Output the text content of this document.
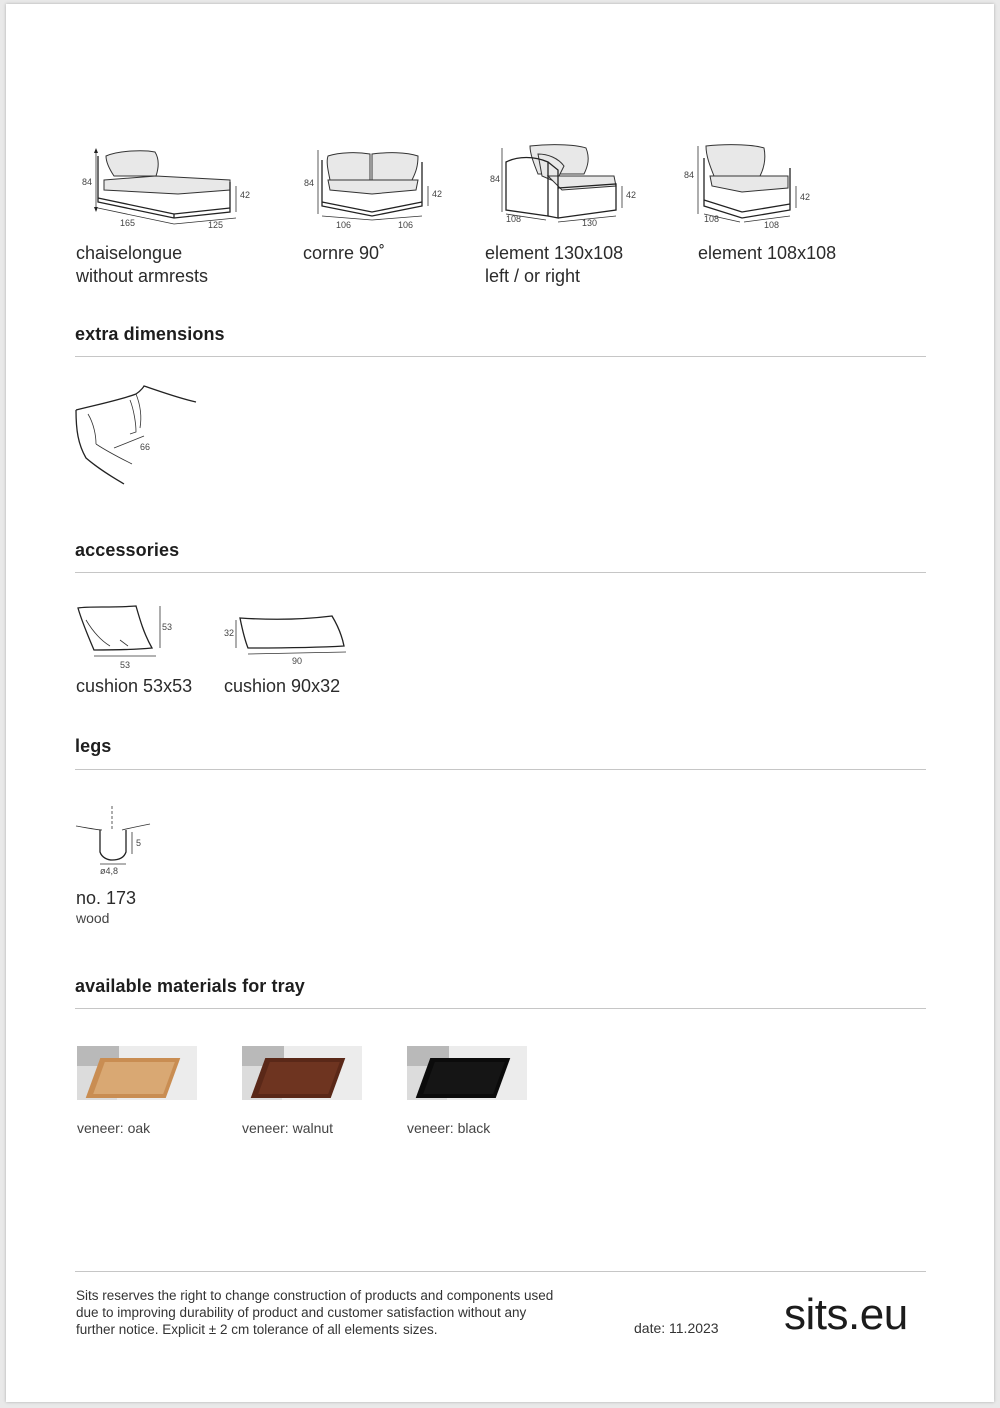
84
42
165	125
chaiselongue
without armrests
84
42
106	106
cornre 90˚
84
42
108	130
element 130x108
left / or right
84
42
108
108
element 108x108
extra dimensions
66
accessories
53
53
cushion 53x53
32
90
cushion 90x32
legs
5
ø4,8
no. 173
wood
available materials for tray
veneer: oak	veneer: walnut	veneer: black
Sits reserves the right to change construction of products and components used
due to improving durability of product and customer satisfaction without any
further notice. Explicit ± 2 cm tolerance of all elements sizes.	date: 11.2023 sits.eu
